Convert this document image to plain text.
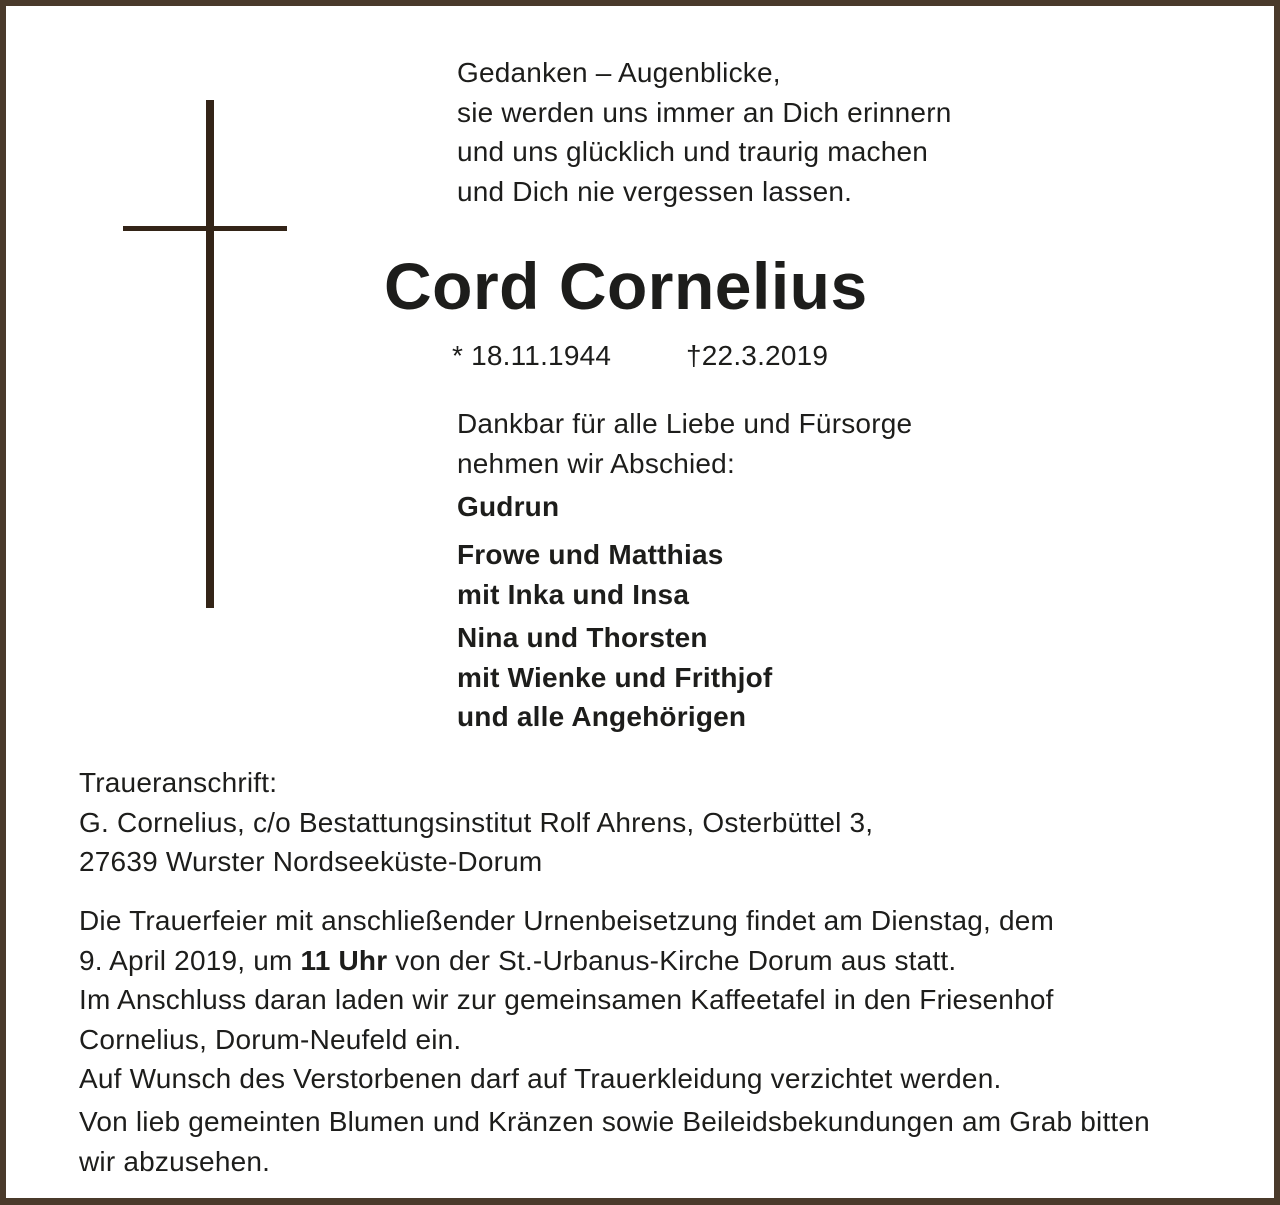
Gedanken – Augenblicke,
sie werden uns immer an Dich erinnern
und uns glücklich und traurig machen
und Dich nie vergessen lassen.
Cord Cornelius
* 18.11.1944	†22.3.2019
Dankbar für alle Liebe und Fürsorge
nehmen wir Abschied:
Gudrun
Frowe und Matthias
mit Inka und Insa
Nina und Thorsten
mit Wienke und Frithjof
und alle Angehörigen
Traueranschrift:
G. Cornelius, c/o Bestattungsinstitut Rolf Ahrens, Osterbüttel 3,
27639 Wurster Nordseeküste-Dorum
Die Trauerfeier mit anschließender Urnenbeisetzung findet am Dienstag, dem
9. April 2019, um 11 Uhr von der St.-Urbanus-Kirche Dorum aus statt.
Im Anschluss daran laden wir zur gemeinsamen Kaffeetafel in den Friesenhof
Cornelius, Dorum-Neufeld ein.
Auf Wunsch des Verstorbenen darf auf Trauerkleidung verzichtet werden.
Von lieb gemeinten Blumen und Kränzen sowie Beileidsbekundungen am Grab bitten
wir abzusehen.
